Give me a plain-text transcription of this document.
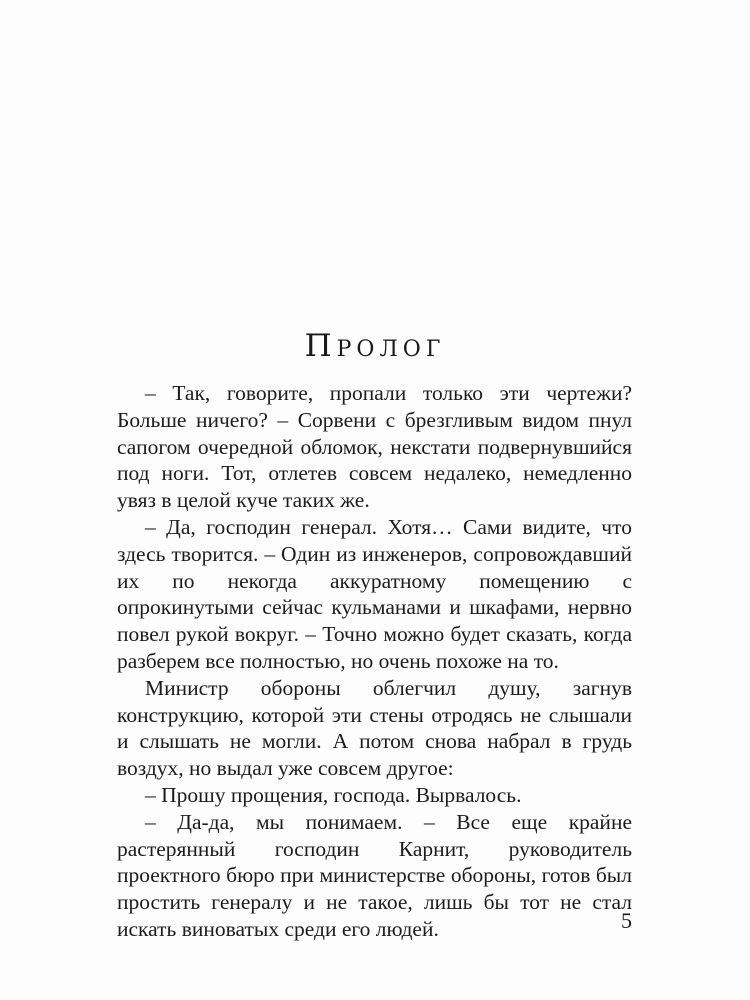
Пролог

– Так, говорите, пропали только эти чертежи? Больше ничего? – Сорвени с брезгливым видом пнул сапогом очередной обломок, некстати подвернувшийся под ноги. Тот, отлетев совсем недалеко, немедленно увяз в целой куче таких же.

– Да, господин генерал. Хотя… Сами видите, что здесь творится. – Один из инженеров, сопровождавший их по некогда аккуратному помещению с опрокинутыми сейчас кульманами и шкафами, нервно повел рукой вокруг. – Точно можно будет сказать, когда разберем все полностью, но очень похоже на то.

Министр обороны облегчил душу, загнув конструкцию, которой эти стены отродясь не слышали и слышать не могли. А потом снова набрал в грудь воздух, но выдал уже совсем другое:

– Прошу прощения, господа. Вырвалось.

– Да-да, мы понимаем. – Все еще крайне растерянный господин Карнит, руководитель проектного бюро при министерстве обороны, готов был простить генералу и не такое, лишь бы тот не стал искать виноватых среди его людей.	5
